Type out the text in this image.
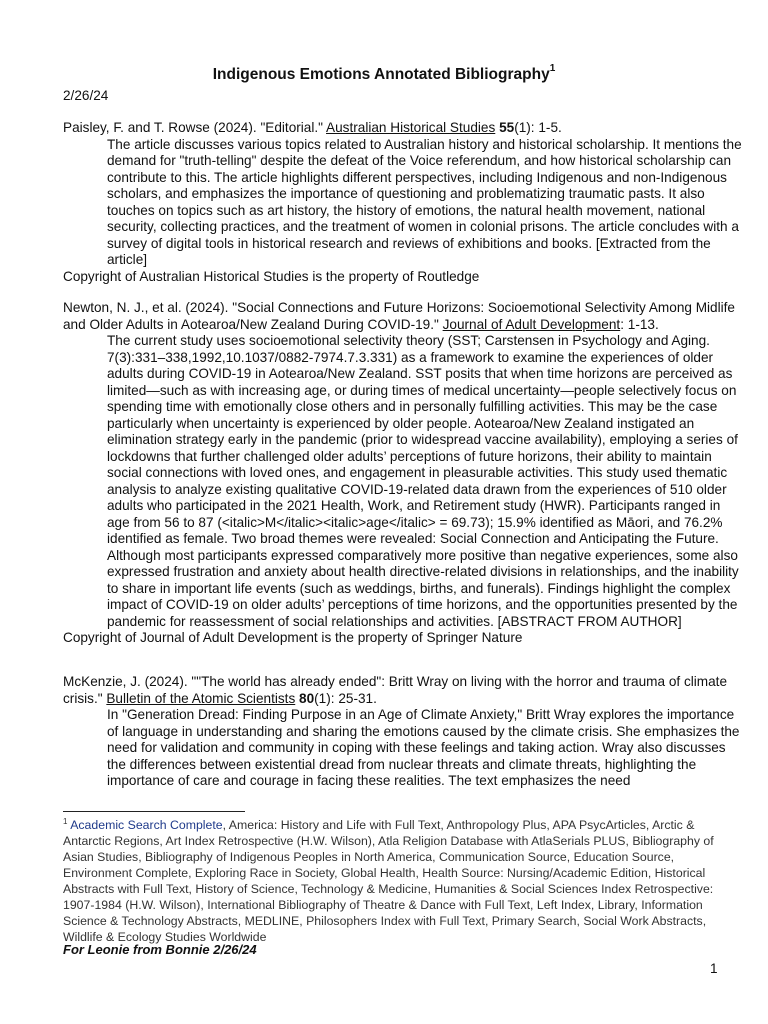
Indigenous Emotions Annotated Bibliography$^1$
2/26/24

Paisley, F. and T. Rowse (2024). "Editorial." Australian Historical Studies 55(1): 1-5.

The article discusses various topics related to Australian history and historical scholarship. It mentions the demand for "truth-telling" despite the defeat of the Voice referendum, and how historical scholarship can contribute to this. The article highlights different perspectives, including Indigenous and non-Indigenous scholars, and emphasizes the importance of questioning and problematizing traumatic pasts. It also touches on topics such as art history, the history of emotions, the natural health movement, national security, collecting practices, and the treatment of women in colonial prisons. The article concludes with a survey of digital tools in historical research and reviews of exhibitions and books. [Extracted from the article]

Copyright of Australian Historical Studies is the property of Routledge

Newton, N. J., et al. (2024). "Social Connections and Future Horizons: Socioemotional Selectivity Among Midlife and Older Adults in Aotearoa/New Zealand During COVID-19." Journal of Adult Development: 1-13.

The current study uses socioemotional selectivity theory (SST; Carstensen in Psychology and Aging. 7(3):331–338,1992,10.1037/0882-7974.7.3.331) as a framework to examine the experiences of older adults during COVID-19 in Aotearoa/New Zealand. SST posits that when time horizons are perceived as limited—such as with increasing age, or during times of medical uncertainty—people selectively focus on spending time with emotionally close others and in personally fulfilling activities. This may be the case particularly when uncertainty is experienced by older people. Aotearoa/New Zealand instigated an elimination strategy early in the pandemic (prior to widespread vaccine availability), employing a series of lockdowns that further challenged older adults’ perceptions of future horizons, their ability to maintain social connections with loved ones, and engagement in pleasurable activities. This study used thematic analysis to analyze existing qualitative COVID-19-related data drawn from the experiences of 510 older adults who participated in the 2021 Health, Work, and Retirement study (HWR). Participants ranged in age from 56 to 87 (<italic>M</italic><italic>age</italic> = 69.73); 15.9% identified as Māori, and 76.2% identified as female. Two broad themes were revealed: Social Connection and Anticipating the Future. Although most participants expressed comparatively more positive than negative experiences, some also expressed frustration and anxiety about health directive-related divisions in relationships, and the inability to share in important life events (such as weddings, births, and funerals). Findings highlight the complex impact of COVID-19 on older adults’ perceptions of time horizons, and the opportunities presented by the pandemic for reassessment of social relationships and activities. [ABSTRACT FROM AUTHOR]

Copyright of Journal of Adult Development is the property of Springer Nature

McKenzie, J. (2024). ""The world has already ended": Britt Wray on living with the horror and trauma of climate crisis." Bulletin of the Atomic Scientists 80(1): 25-31.

In "Generation Dread: Finding Purpose in an Age of Climate Anxiety," Britt Wray explores the importance of language in understanding and sharing the emotions caused by the climate crisis. She emphasizes the need for validation and community in coping with these feelings and taking action. Wray also discusses the differences between existential dread from nuclear threats and climate threats, highlighting the importance of care and courage in facing these realities. The text emphasizes the need

$^1$ Academic Search Complete, America: History and Life with Full Text, Anthropology Plus, APA PsycArticles, Arctic & Antarctic Regions, Art Index Retrospective (H.W. Wilson), Atla Religion Database with AtlaSerials PLUS, Bibliography of Asian Studies, Bibliography of Indigenous Peoples in North America, Communication Source, Education Source, Environment Complete, Exploring Race in Society, Global Health, Health Source: Nursing/Academic Edition, Historical Abstracts with Full Text, History of Science, Technology & Medicine, Humanities & Social Sciences Index Retrospective: 1907-1984 (H.W. Wilson), International Bibliography of Theatre & Dance with Full Text, Left Index, Library, Information Science & Technology Abstracts, MEDLINE, Philosophers Index with Full Text, Primary Search, Social Work Abstracts, Wildlife & Ecology Studies Worldwide
For Leonie from Bonnie 2/26/24
1
